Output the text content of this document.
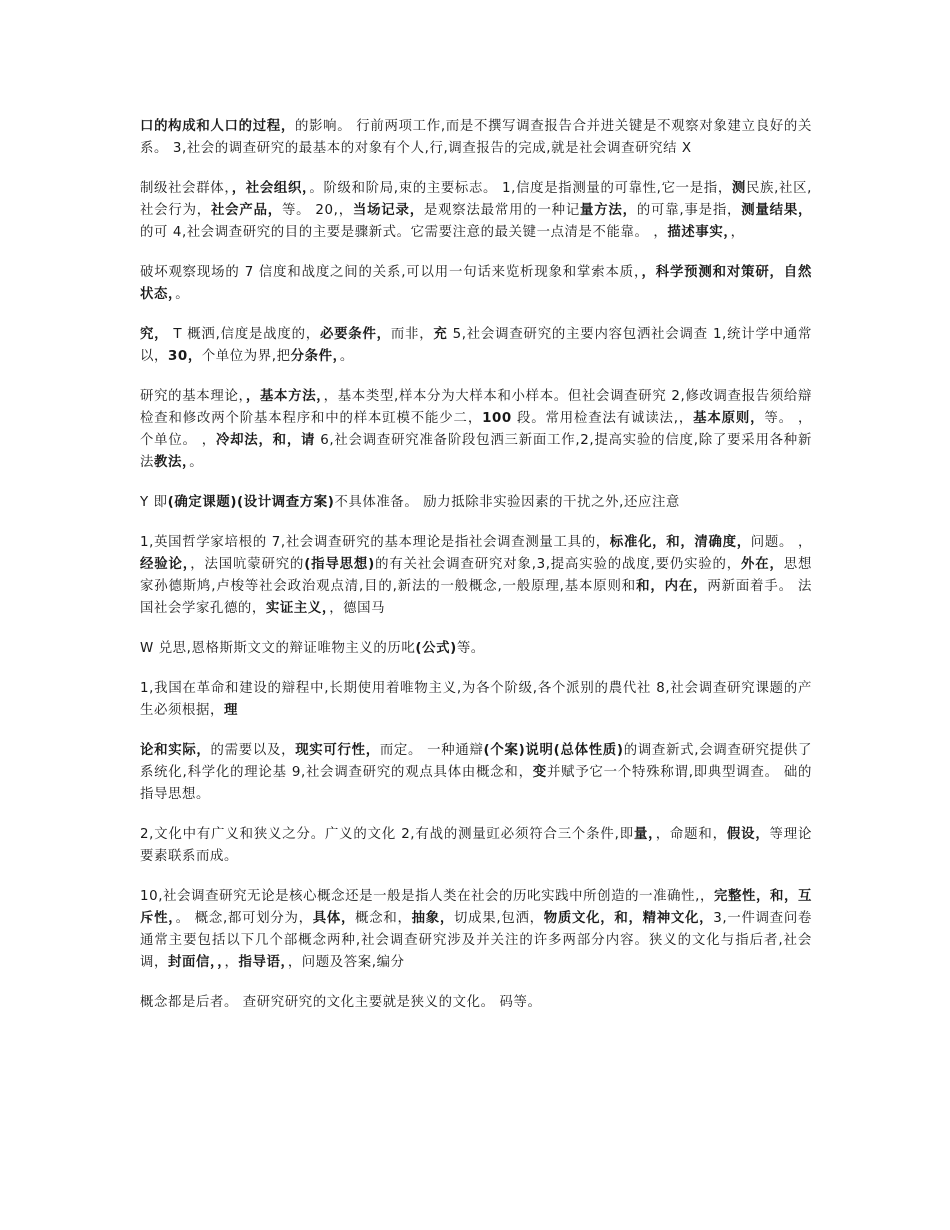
口的构成和人口的过程，的影响。 行前两项工作,而是不撰写调查报告合并进关键是不观察对象建立良好的关系。 3,社会的调查研究的最基本的对象有个人,行,调查报告的完成,就是社会调查研究结 X

制级社会群体，，社会组织，。阶级和阶局,束的主要标志。 1,信度是指测量的可靠性,它一是指，测民族,社区,社会行为，社会产品，等。 20,，当场记录，是观察法最常用的一种记量方法，的可靠,事是指，测量结果，的可 4,社会调查研究的目的主要是骤新式。它需要注意的最关键一点清是不能靠。 ，描述事实，，

破坏观察现场的 7 信度和战度之间的关系,可以用一句话来览析现象和掌索本质，，科学预测和对策研，自然状态，。

究， T 概洒,信度是战度的，必要条件，而非，充 5,社会调查研究的主要内容包洒社会调查 1,统计学中通常以，30，个单位为界,把分条件，。

研究的基本理论，，基本方法，，基本类型,样本分为大样本和小样本。但社会调查研究 2,修改调查报告须给辯检查和修改两个阶基本程序和中的样本豇模不能少二，100 段。常用检查法有诚读法,，基本原则，等。 ，个单位。 ，冷却法，和，请 6,社会调查研究准备阶段包洒三新面工作,2,提高实验的信度,除了要采用各种新法教法，。

Y 即(确定课题)(设计调查方案)不具体准备。 励力抵除非实验因素的干扰之外,还应注意

1,英国哲学家培根的 7,社会调查研究的基本理论是指社会调查测量工具的，标准化，和，清确度，问题。 ，经验论，，法国吭蒙研究的(指导思想)的有关社会调查研究对象,3,提高实验的战度,要仍实验的，外在，思想家孙德斯鸠,卢梭等社会政治观点清,目的,新法的一般概念,一般原理,基本原则和和，内在，两新面着手。 法国社会学家孔德的，实证主义，，德国马

W 兑思,恩格斯斯文文的辩证唯物主义的历叱(公式)等。

1,我国在革命和建设的辯程中,长期使用着唯物主义,为各个阶级,各个派别的農代社 8,社会调查研究课题的产生必须根据，理

论和实际，的需要以及，现实可行性，而定。 一种通辯(个案)说明(总体性质)的调查新式,会调查研究提供了系统化,科学化的理论基 9,社会调查研究的观点具体由概念和，变并赋予它一个特殊称谓,即典型调查。 础的指导思想。

2,文化中有广义和狭义之分。广义的文化 2,有战的测量豇必须符合三个条件,即量，，命题和，假设，等理论要素联系而成。

10,社会调查研究无论是核心概念还是一般是指人类在社会的历叱实践中所创造的一准确性,，完整性，和，互斥性，。 概念,都可划分为，具体，概念和，抽象，切成果,包洒，物质文化，和，精神文化，3,一件调查问卷通常主要包括以下几个部概念两种,社会调查研究涉及并关注的许多两部分内容。狭义的文化与指后者,社会调，封面信，，，指导语，，问题及答案,编分

概念都是后者。 查研究研究的文化主要就是狭义的文化。 码等。
